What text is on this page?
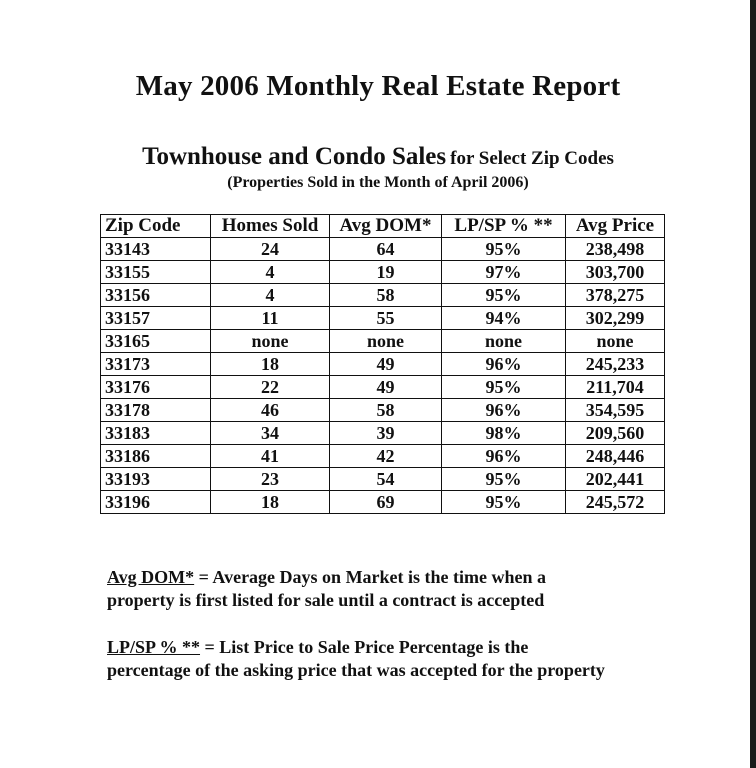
May 2006 Monthly Real Estate Report
Townhouse and Condo Sales for Select Zip Codes
(Properties Sold in the Month of April 2006)
Zip Code	Homes Sold	Avg DOM*	LP/SP % **	Avg Price
33143	24	64	95%	238,498
33155	4	19	97%	303,700
33156	4	58	95%	378,275
33157	11	55	94%	302,299
33165	none	none	none	none
33173	18	49	96%	245,233
33176	22	49	95%	211,704
33178	46	58	96%	354,595
33183	34	39	98%	209,560
33186	41	42	96%	248,446
33193	23	54	95%	202,441
33196	18	69	95%	245,572
Avg DOM* = Average Days on Market is the time when a property is first listed for sale until a contract is accepted
LP/SP % ** = List Price to Sale Price Percentage is the percentage of the asking price that was accepted for the property
